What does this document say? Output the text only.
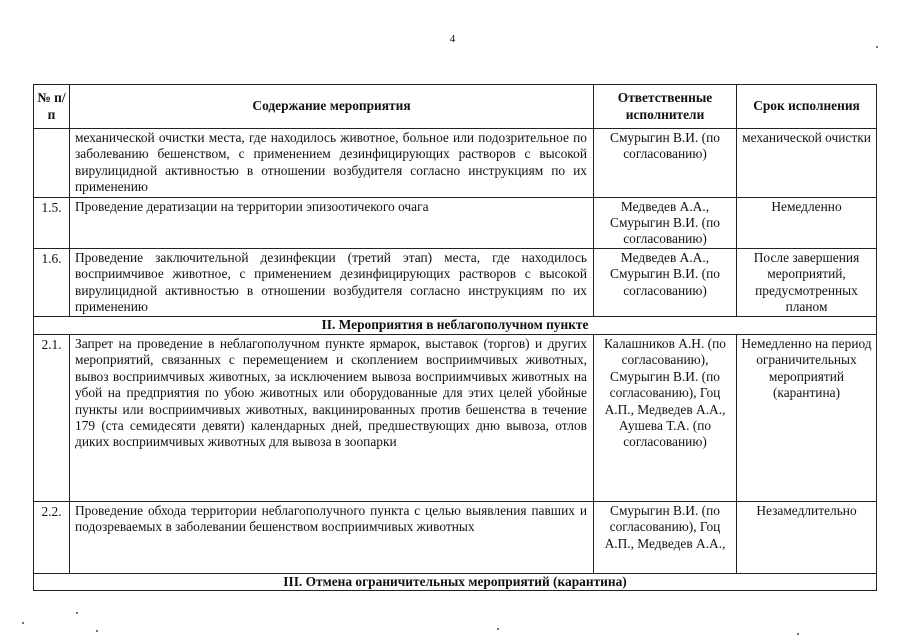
4
№ п/п	Содержание мероприятия	Ответственные исполнители	Срок исполнения
	механической очистки места, где находилось животное, больное или подозрительное по заболеванию бешенством, с применением дезинфицирующих растворов с высокой вирулицидной активностью в отношении возбудителя согласно инструкциям по их применению	Смурыгин В.И. (по согласованию)	механической очистки
1.5.	Проведение дератизации на территории эпизоотичекого очага	Медведев А.А., Смурыгин В.И. (по согласованию)	Немедленно
1.6.	Проведение заключительной дезинфекции (третий этап) места, где находилось восприимчивое животное, с применением дезинфицирующих растворов с высокой вирулицидной активностью в отношении возбудителя согласно инструкциям по их применению	Медведев А.А., Смурыгин В.И. (по согласованию)	После завершения мероприятий, предусмотренных планом
II. Мероприятия в неблагополучном пункте			
2.1.	Запрет на проведение в неблагополучном пункте ярмарок, выставок (торгов) и других мероприятий, связанных с перемещением и скоплением восприимчивых животных, вывоз восприимчивых животных, за исключением вывоза восприимчивых животных на убой на предприятия по убою животных или оборудованные для этих целей убойные пункты или восприимчивых животных, вакцинированных против бешенства в течение 179 (ста семидесяти девяти) календарных дней, предшествующих дню вывоза, отлов диких восприимчивых животных для вывоза в зоопарки	Калашников А.Н. (по согласованию), Смурыгин В.И. (по согласованию), Гоц А.П., Медведев А.А., Аушева Т.А. (по согласованию)	Немедленно на период ограничительных мероприятий (карантина)
2.2.	Проведение обхода территории неблагополучного пункта с целью выявления павших и подозреваемых в заболевании бешенством восприимчивых животных	Смурыгин В.И. (по согласованию), Гоц А.П., Медведев А.А.,	Незамедлительно
III. Отмена ограничительных мероприятий (карантина)			
